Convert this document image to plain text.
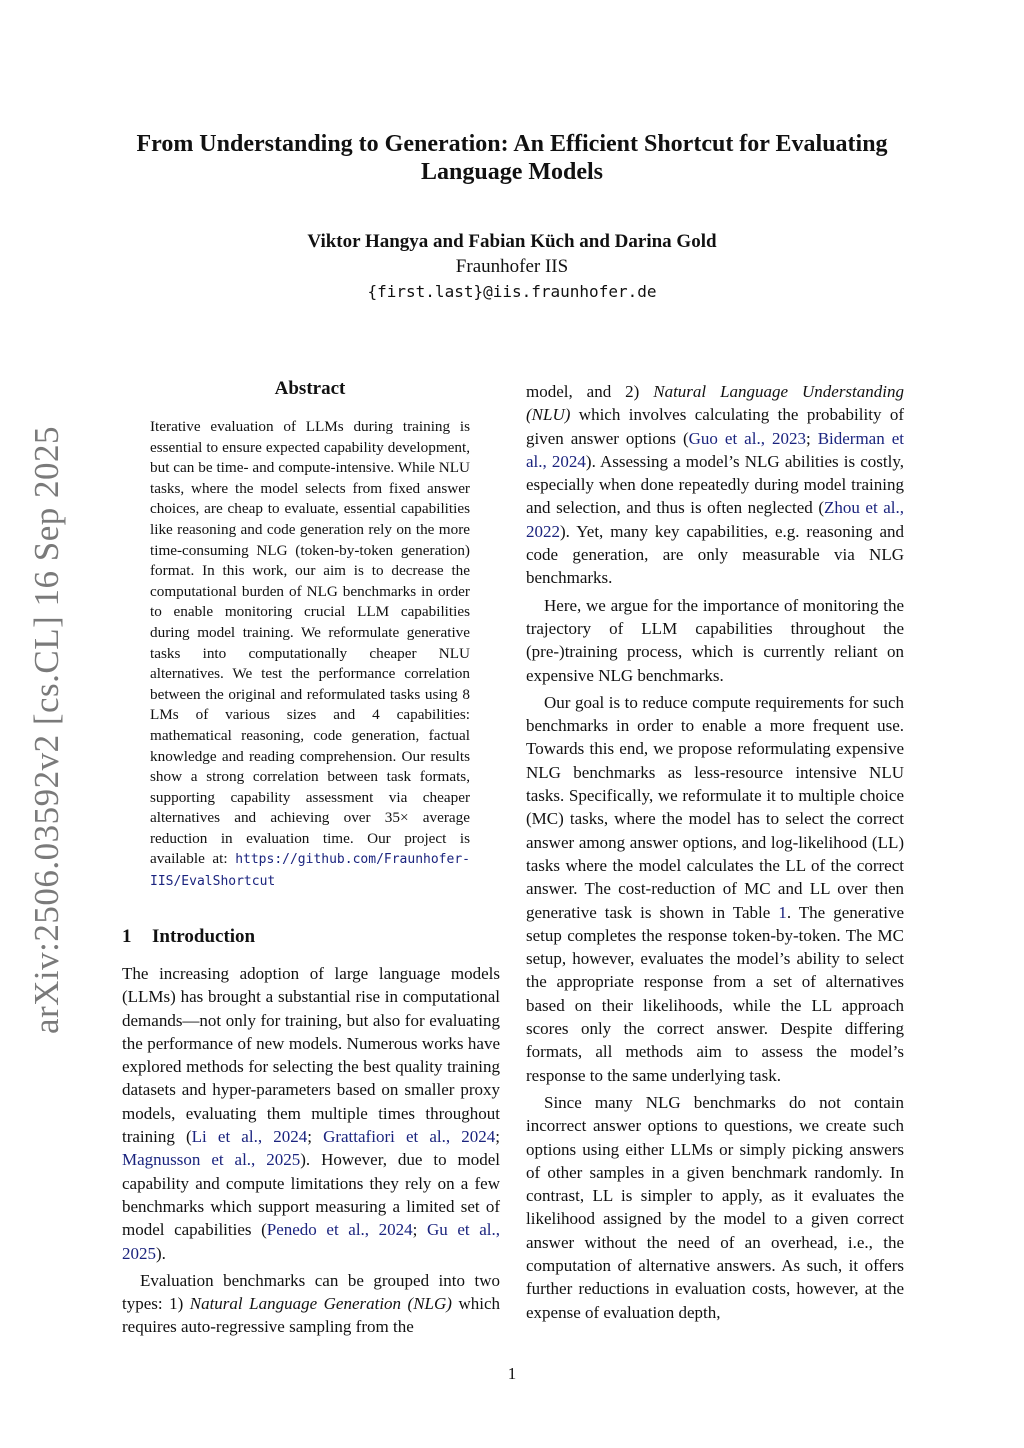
arXiv:2506.03592v2 [cs.CL] 16 Sep 2025
From Understanding to Generation: An Efficient Shortcut for Evaluating Language Models
Viktor Hangya and Fabian Küch and Darina Gold
Fraunhofer IIS
{first.last}@iis.fraunhofer.de
Abstract
Iterative evaluation of LLMs during training is essential to ensure expected capability development, but can be time- and compute-intensive. While NLU tasks, where the model selects from fixed answer choices, are cheap to evaluate, essential capabilities like reasoning and code generation rely on the more time-consuming NLG (token-by-token generation) format. In this work, our aim is to decrease the computational burden of NLG benchmarks in order to enable monitoring crucial LLM capabilities during model training. We reformulate generative tasks into computationally cheaper NLU alternatives. We test the performance correlation between the original and reformulated tasks using 8 LMs of various sizes and 4 capabilities: mathematical reasoning, code generation, factual knowledge and reading comprehension. Our results show a strong correlation between task formats, supporting capability assessment via cheaper alternatives and achieving over 35× average reduction in evaluation time. Our project is available at: https://github.com/Fraunhofer-IIS/EvalShortcut
1 Introduction

The increasing adoption of large language models (LLMs) has brought a substantial rise in computational demands—not only for training, but also for evaluating the performance of new models. Numerous works have explored methods for selecting the best quality training datasets and hyper-parameters based on smaller proxy models, evaluating them multiple times throughout training (Li et al., 2024; Grattafiori et al., 2024; Magnusson et al., 2025). However, due to model capability and compute limitations they rely on a few benchmarks which support measuring a limited set of model capabilities (Penedo et al., 2024; Gu et al., 2025).

Evaluation benchmarks can be grouped into two types: 1) Natural Language Generation (NLG) which requires auto-regressive sampling from the

model, and 2) Natural Language Understanding (NLU) which involves calculating the probability of given answer options (Guo et al., 2023; Biderman et al., 2024). Assessing a model’s NLG abilities is costly, especially when done repeatedly during model training and selection, and thus is often neglected (Zhou et al., 2022). Yet, many key capabilities, e.g. reasoning and code generation, are only measurable via NLG benchmarks.

Here, we argue for the importance of monitoring the trajectory of LLM capabilities throughout the (pre-)training process, which is currently reliant on expensive NLG benchmarks.

Our goal is to reduce compute requirements for such benchmarks in order to enable a more frequent use. Towards this end, we propose reformulating expensive NLG benchmarks as less-resource intensive NLU tasks. Specifically, we reformulate it to multiple choice (MC) tasks, where the model has to select the correct answer among answer options, and log-likelihood (LL) tasks where the model calculates the LL of the correct answer. The cost-reduction of MC and LL over then generative task is shown in Table 1. The generative setup completes the response token-by-token. The MC setup, however, evaluates the model’s ability to select the appropriate response from a set of alternatives based on their likelihoods, while the LL approach scores only the correct answer. Despite differing formats, all methods aim to assess the model’s response to the same underlying task.

Since many NLG benchmarks do not contain incorrect answer options to questions, we create such options using either LLMs or simply picking answers of other samples in a given benchmark randomly. In contrast, LL is simpler to apply, as it evaluates the likelihood assigned by the model to a given correct answer without the need of an overhead, i.e., the computation of alternative answers. As such, it offers further reductions in evaluation costs, however, at the expense of evaluation depth,

1
